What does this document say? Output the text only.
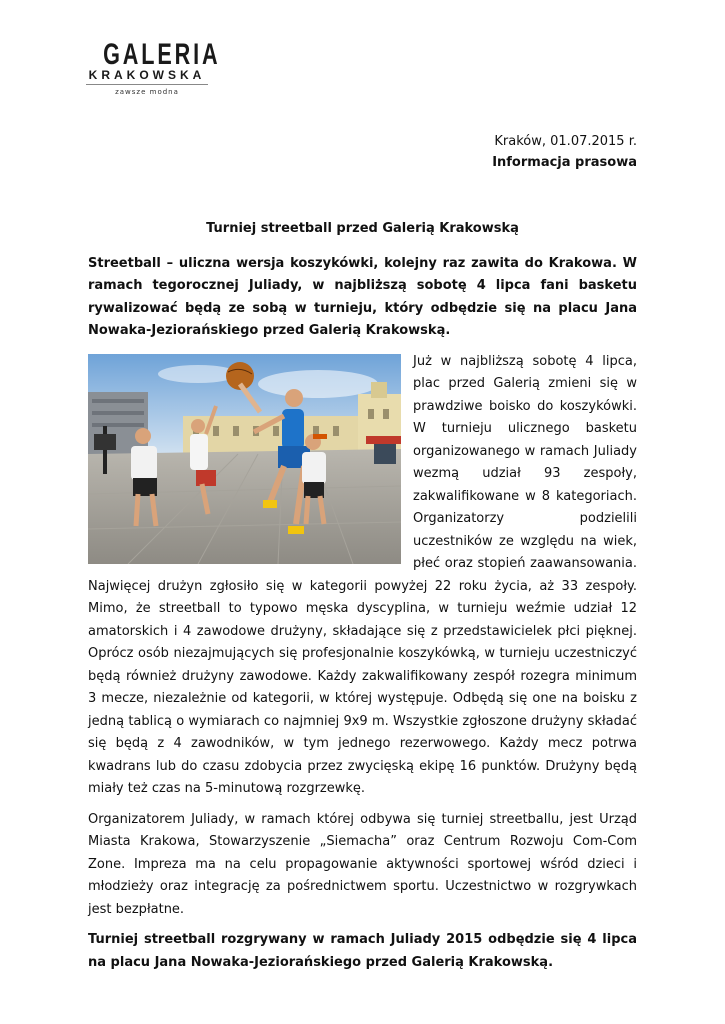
GALERIA
KRAKOWSKA
zawsze modna
Kraków, 01.07.2015 r.
Informacja prasowa

Turniej streetball przed Galerią Krakowską

Streetball – uliczna wersja koszykówki, kolejny raz zawita do Krakowa. W ramach tegorocznej Juliady, w najbliższą sobotę 4 lipca fani basketu rywalizować będą ze sobą w turnieju, który odbędzie się na placu Jana Nowaka-Jeziorańskiego przed Galerią Krakowską.

Już w najbliższą sobotę 4 lipca, plac przed Galerią zmieni się w prawdziwe boisko do koszykówki. W turnieju ulicznego basketu organizowanego w ramach Juliady wezmą udział 93 zespoły, zakwalifikowane w 8 kategoriach. Organizatorzy podzielili uczestników ze względu na wiek, płeć oraz stopień zaawansowania. Najwięcej drużyn zgłosiło się w kategorii powyżej 22 roku życia, aż 33 zespoły. Mimo, że streetball to typowo męska dyscyplina, w turnieju weźmie udział 12 amatorskich i 4 zawodowe drużyny, składające się z przedstawicielek płci pięknej. Oprócz osób niezajmujących się profesjonalnie koszykówką, w turnieju uczestniczyć będą również drużyny zawodowe. Każdy zakwalifikowany zespół rozegra minimum 3 mecze, niezależnie od kategorii, w której występuje. Odbędą się one na boisku z jedną tablicą o wymiarach co najmniej 9x9 m. Wszystkie zgłoszone drużyny składać się będą z 4 zawodników, w tym jednego rezerwowego. Każdy mecz potrwa kwadrans lub do czasu zdobycia przez zwycięską ekipę 16 punktów. Drużyny będą miały też czas na 5-minutową rozgrzewkę.

Organizatorem Juliady, w ramach której odbywa się turniej streetballu, jest Urząd Miasta Krakowa, Stowarzyszenie „Siemacha” oraz Centrum Rozwoju Com-Com Zone. Impreza ma na celu propagowanie aktywności sportowej wśród dzieci i młodzieży oraz integrację za pośrednictwem sportu. Uczestnictwo w rozgrywkach jest bezpłatne.

Turniej streetball rozgrywany w ramach Juliady 2015 odbędzie się 4 lipca na placu Jana Nowaka-Jeziorańskiego przed Galerią Krakowską.
